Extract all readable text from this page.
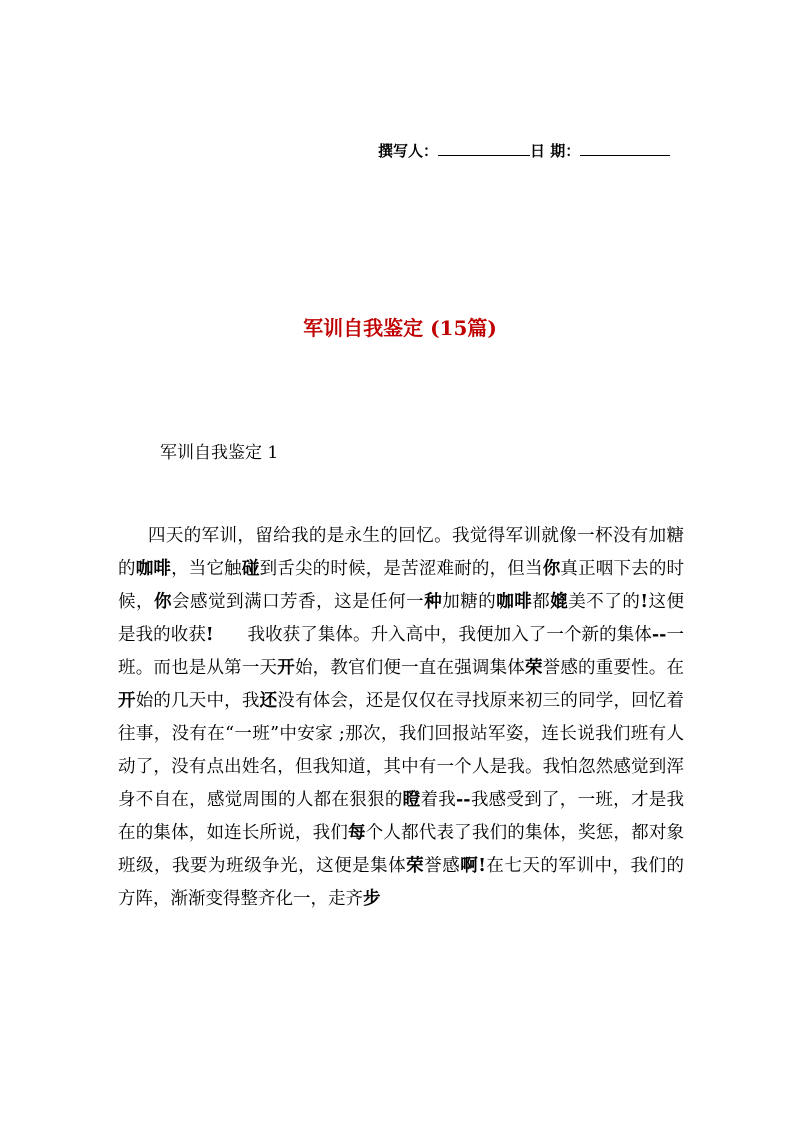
撰写人：	日 期：
军训自我鉴定 (15篇)
军训自我鉴定 1

四天的军训，留给我的是永生的回忆。我觉得军训就像一杯没有加糖的咖啡，当它触碰到舌尖的时候，是苦涩难耐的，但当你真正咽下去的时候，你会感觉到满口芳香，这是任何一种加糖的咖啡都媲美不了的!这便是我的收获!      我收获了集体。升入高中，我便加入了一个新的集体--一班。而也是从第一天开始，教官们便一直在强调集体荣誉感的重要性。在开始的几天中，我还没有体会，还是仅仅在寻找原来初三的同学，回忆着往事，没有在“一班”中安家 ;那次，我们回报站军姿，连长说我们班有人动了，没有点出姓名，但我知道，其中有一个人是我。我怕忽然感觉到浑身不自在，感觉周围的人都在狠狠的瞪着我--我感受到了，一班，才是我在的集体，如连长所说，我们每个人都代表了我们的集体，奖惩，都对象班级，我要为班级争光，这便是集体荣誉感啊!在七天的军训中，我们的方阵，渐渐变得整齐化一，走齐步
